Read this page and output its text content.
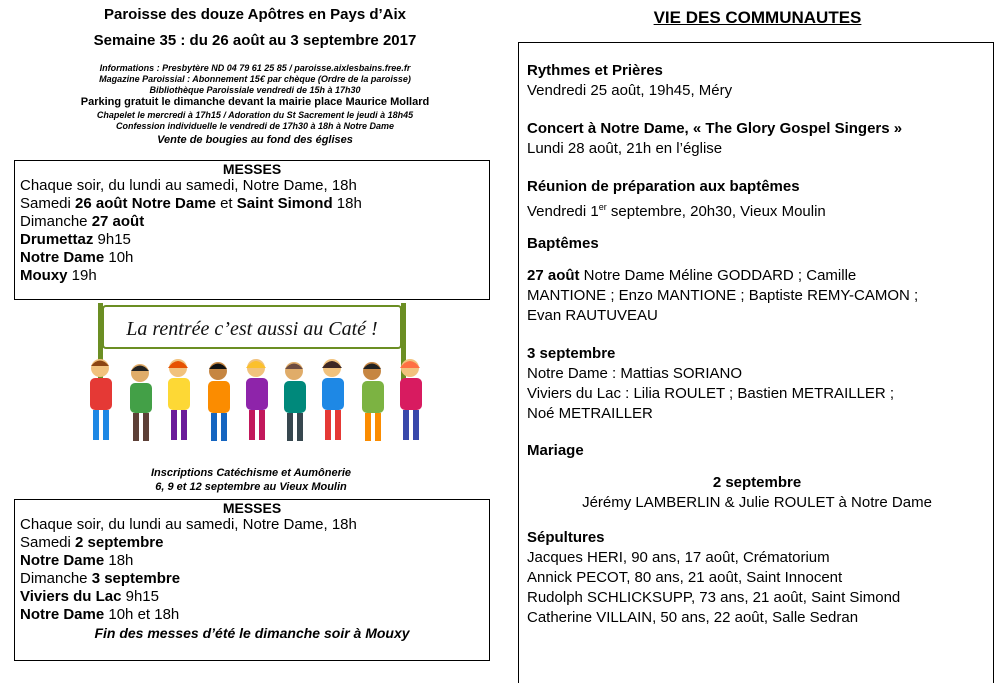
Paroisse des douze Apôtres en Pays d’Aix
Semaine 35 : du 26 août au 3 septembre 2017
Informations : Presbytère ND 04 79 61 25 85 / paroisse.aixlesbains.free.fr
Magazine Paroissial : Abonnement 15€ par chèque (Ordre de la paroisse)
Bibliothèque Paroissiale vendredi de 15h à 17h30
Parking gratuit le dimanche devant la mairie place Maurice Mollard
Chapelet le mercredi à 17h15 / Adoration du St Sacrement le jeudi à 18h45
Confession individuelle le vendredi de 17h30 à 18h à Notre Dame
Vente de bougies au fond des églises
MESSES
Chaque soir, du lundi au samedi, Notre Dame, 18h
Samedi 26 août Notre Dame et Saint Simond 18h
Dimanche 27 août
Drumettaz 9h15
Notre Dame 10h
Mouxy 19h
La rentrée c’est aussi au Caté !
Inscriptions Catéchisme et Aumônerie
6, 9 et 12 septembre au Vieux Moulin
MESSES
Chaque soir, du lundi au samedi, Notre Dame, 18h
Samedi 2 septembre
Notre Dame 18h
Dimanche 3 septembre
Viviers du Lac 9h15
Notre Dame 10h et 18h
Fin des messes d’été le dimanche soir à Mouxy
VIE DES COMMUNAUTES
Rythmes et Prières
Vendredi 25 août, 19h45, Méry
Concert à Notre Dame, « The Glory Gospel Singers »
Lundi 28 août, 21h en l’église
Réunion de préparation aux baptêmes
Vendredi 1er septembre, 20h30, Vieux Moulin
Baptêmes
27 août Notre Dame Méline GODDARD ; Camille
MANTIONE ; Enzo MANTIONE ; Baptiste REMY-CAMON ;
Evan RAUTUVEAU
3 septembre
Notre Dame : Mattias SORIANO
Viviers du Lac : Lilia ROULET ; Bastien METRAILLER ;
Noé METRAILLER
Mariage
2 septembre
Jérémy LAMBERLIN & Julie ROULET à Notre Dame
Sépultures
Jacques HERI, 90 ans, 17 août, Crématorium
Annick PECOT, 80 ans, 21 août, Saint Innocent
Rudolph SCHLICKSUPP, 73 ans, 21 août, Saint Simond
Catherine VILLAIN, 50 ans, 22 août, Salle Sedran
